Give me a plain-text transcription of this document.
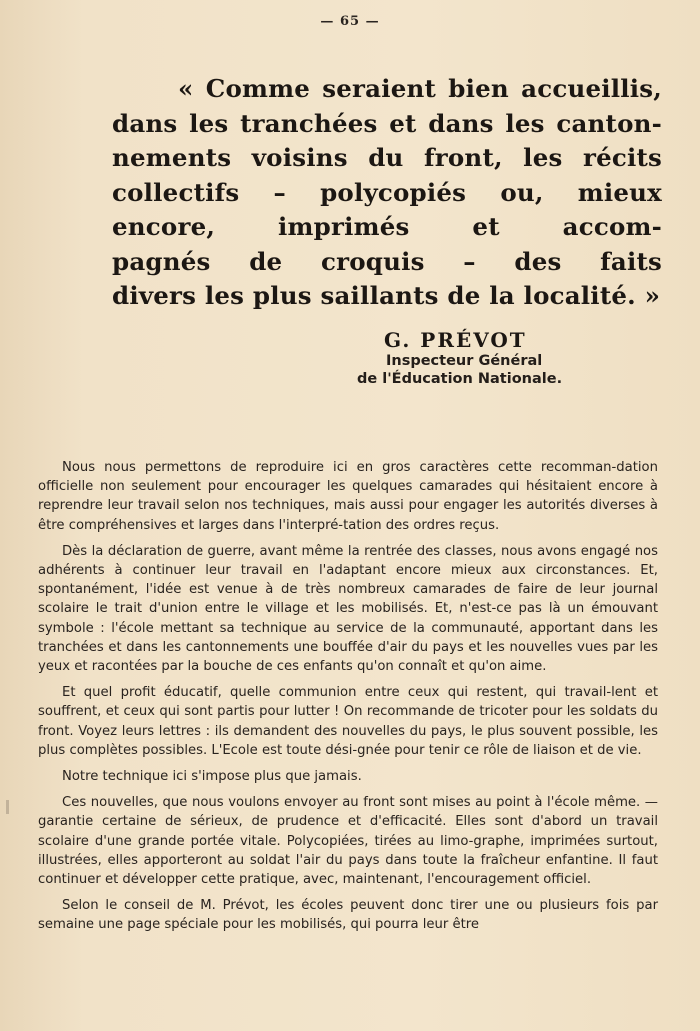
— 65 —

« Comme seraient bien accueillis,
dans les tranchées et dans les canton-
nements voisins du front, les récits
collectifs – polycopiés ou, mieux
encore, imprimés et accom-
pagnés de croquis – des faits
divers les plus saillants de la localité. »

G. PRÉVOT

Inspecteur Général

de l'Éducation Nationale.

Nous nous permettons de reproduire ici en gros caractères cette recomman-dation officielle non seulement pour encourager les quelques camarades qui hésitaient encore à reprendre leur travail selon nos techniques, mais aussi pour engager les autorités diverses à être compréhensives et larges dans l'interpré-tation des ordres reçus.

Dès la déclaration de guerre, avant même la rentrée des classes, nous avons engagé nos adhérents à continuer leur travail en l'adaptant encore mieux aux circonstances. Et, spontanément, l'idée est venue à de très nombreux camarades de faire de leur journal scolaire le trait d'union entre le village et les mobilisés. Et, n'est-ce pas là un émouvant symbole : l'école mettant sa technique au service de la communauté, apportant dans les tranchées et dans les cantonnements une bouffée d'air du pays et les nouvelles vues par les yeux et racontées par la bouche de ces enfants qu'on connaît et qu'on aime.

Et quel profit éducatif, quelle communion entre ceux qui restent, qui travail-lent et souffrent, et ceux qui sont partis pour lutter ! On recommande de tricoter pour les soldats du front. Voyez leurs lettres : ils demandent des nouvelles du pays, le plus souvent possible, les plus complètes possibles. L'Ecole est toute dési-gnée pour tenir ce rôle de liaison et de vie.

Notre technique ici s'impose plus que jamais.

Ces nouvelles, que nous voulons envoyer au front sont mises au point à l'école même. — garantie certaine de sérieux, de prudence et d'efficacité. Elles sont d'abord un travail scolaire d'une grande portée vitale. Polycopiées, tirées au limo-graphe, imprimées surtout, illustrées, elles apporteront au soldat l'air du pays dans toute la fraîcheur enfantine. Il faut continuer et développer cette pratique, avec, maintenant, l'encouragement officiel.

Selon le conseil de M. Prévot, les écoles peuvent donc tirer une ou plusieurs fois par semaine une page spéciale pour les mobilisés, qui pourra leur être
